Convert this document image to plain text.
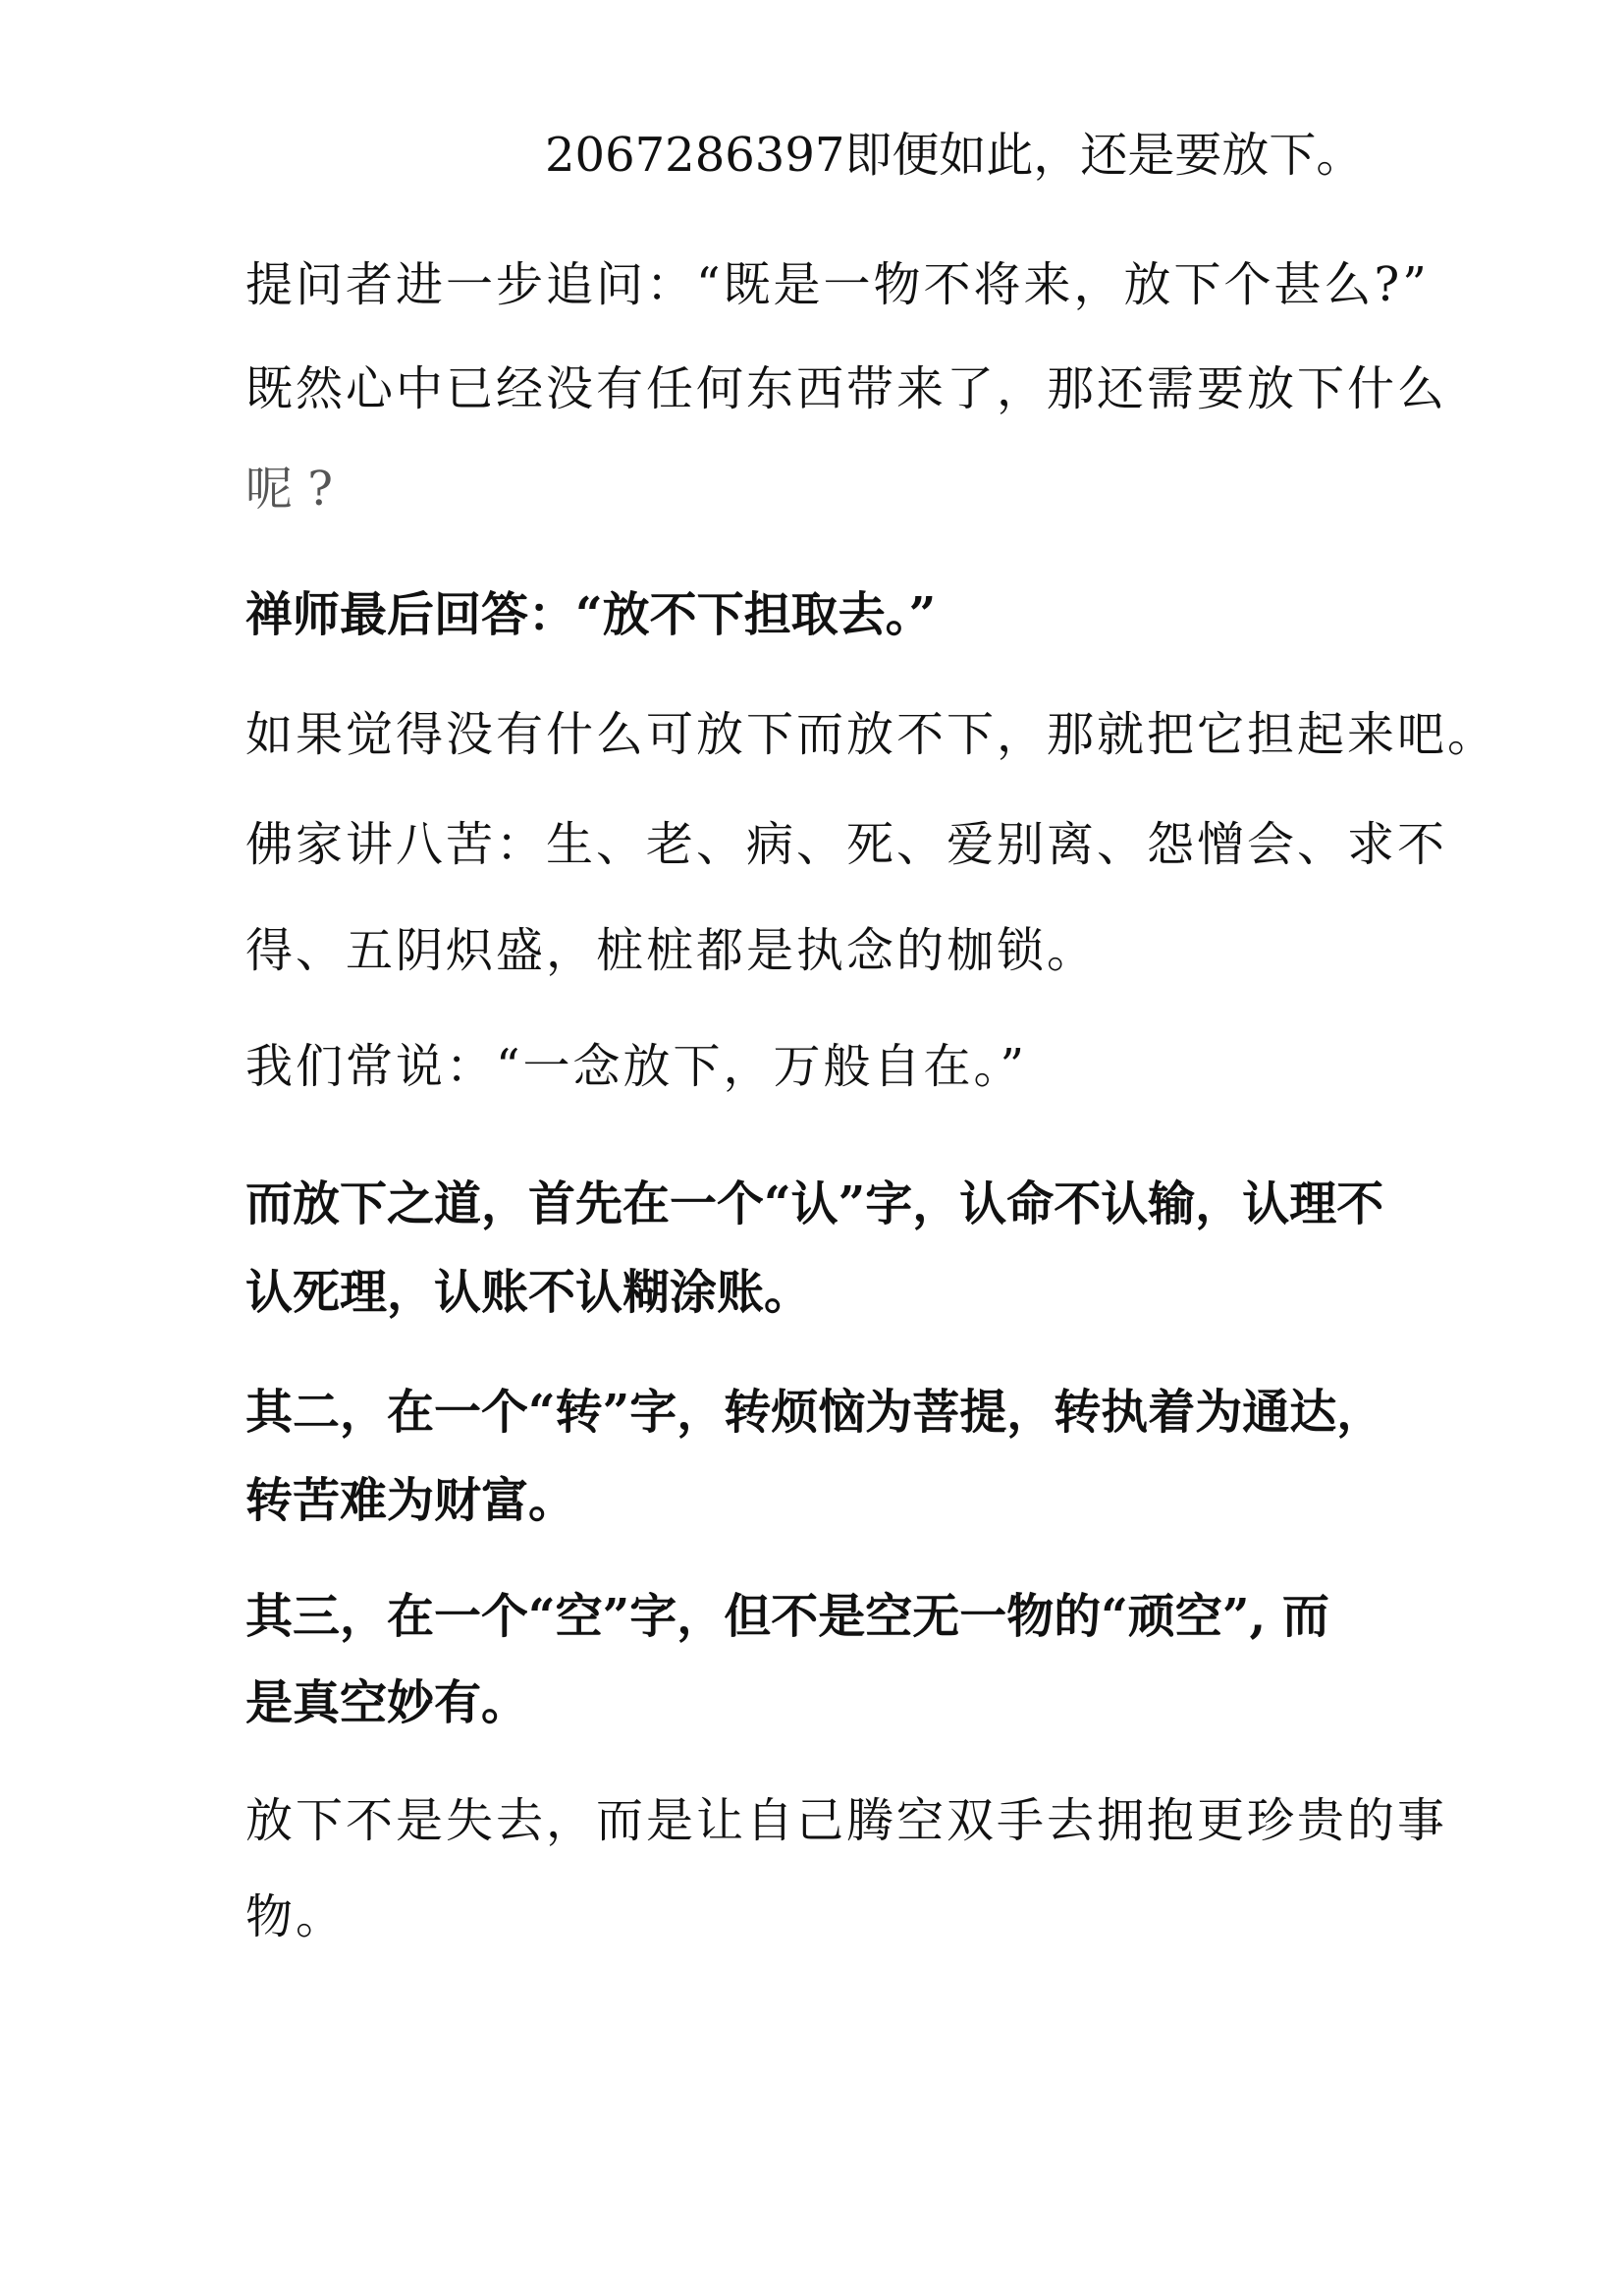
2067286397即便如此，还是要放下。

提问者进一步追问：“既是一物不将来，放下个甚么?”

既然心中已经没有任何东西带来了，那还需要放下什么

呢 ?

禅师最后回答：“放不下担取去。”

如果觉得没有什么可放下而放不下，那就把它担起来吧。

佛家讲八苦：生、老、病、死、爱别离、怨憎会、求不

得、五阴炽盛，桩桩都是执念的枷锁。

我们常说：“一念放下，万般自在。”

而放下之道，首先在一个“认”字，认命不认输，认理不

认死理，认账不认糊涂账。

其二，在一个“转”字，转烦恼为菩提，转执着为通达，

转苦难为财富。

其三，在一个“空”字，但不是空无一物的“顽空”, 而

是真空妙有。

放下不是失去，而是让自己腾空双手去拥抱更珍贵的事

物。
